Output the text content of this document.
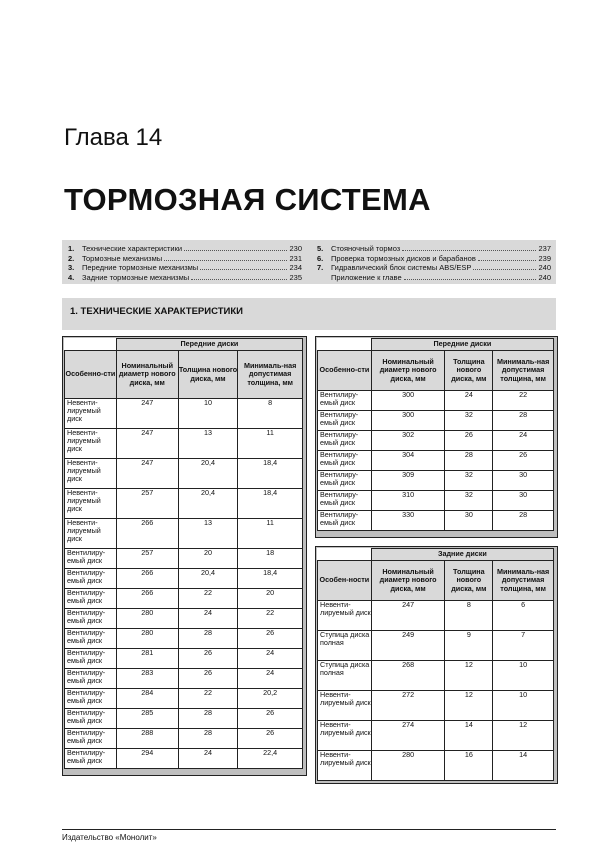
Глава 14
ТОРМОЗНАЯ СИСТЕМА
1.	Технические характеристики	230
2.	Тормозные механизмы	231
3.	Передние тормозные механизмы	234
4.	Задние тормозные механизмы	235
5.	Стояночный тормоз	237
6.	Проверка тормозных дисков и барабанов	239
7.	Гидравлический блок системы ABS/ESP	240
Приложение к главе	240
1. ТЕХНИЧЕСКИЕ ХАРАКТЕРИСТИКИ
	Передние диски		
Особенно-сти	Номинальный диаметр нового диска, мм	Толщина нового диска, мм	Минималь-ная допустимая толщина, мм
Невенти-лируемый диск	247	10	8
Невенти-лируемый диск	247	13	11
Невенти-лируемый диск	247	20,4	18,4
Невенти-лируемый диск	257	20,4	18,4
Невенти-лируемый диск	266	13	11
Вентилиру-емый диск	257	20	18
Вентилиру-емый диск	266	20,4	18,4
Вентилиру-емый диск	266	22	20
Вентилиру-емый диск	280	24	22
Вентилиру-емый диск	280	28	26
Вентилиру-емый диск	281	26	24
Вентилиру-емый диск	283	26	24
Вентилиру-емый диск	284	22	20,2
Вентилиру-емый диск	285	28	26
Вентилиру-емый диск	288	28	26
Вентилиру-емый диск	294	24	22,4
	Передние диски		
Особенно-сти	Номинальный диаметр нового диска, мм	Толщина нового диска, мм	Минималь-ная допустимая толщина, мм
Вентилиру-емый диск	300	24	22
Вентилиру-емый диск	300	32	28
Вентилиру-емый диск	302	26	24
Вентилиру-емый диск	304	28	26
Вентилиру-емый диск	309	32	30
Вентилиру-емый диск	310	32	30
Вентилиру-емый диск	330	30	28
	Задние диски		
Особен-ности	Номинальный диаметр нового диска, мм	Толщина нового диска, мм	Минималь-ная допустимая толщина, мм
Невенти-лируемый диск	247	8	6
Ступица диска полная	249	9	7
Ступица диска полная	268	12	10
Невенти-лируемый диск	272	12	10
Невенти-лируемый диск	274	14	12
Невенти-лируемый диск	280	16	14
Издательство «Монолит»
